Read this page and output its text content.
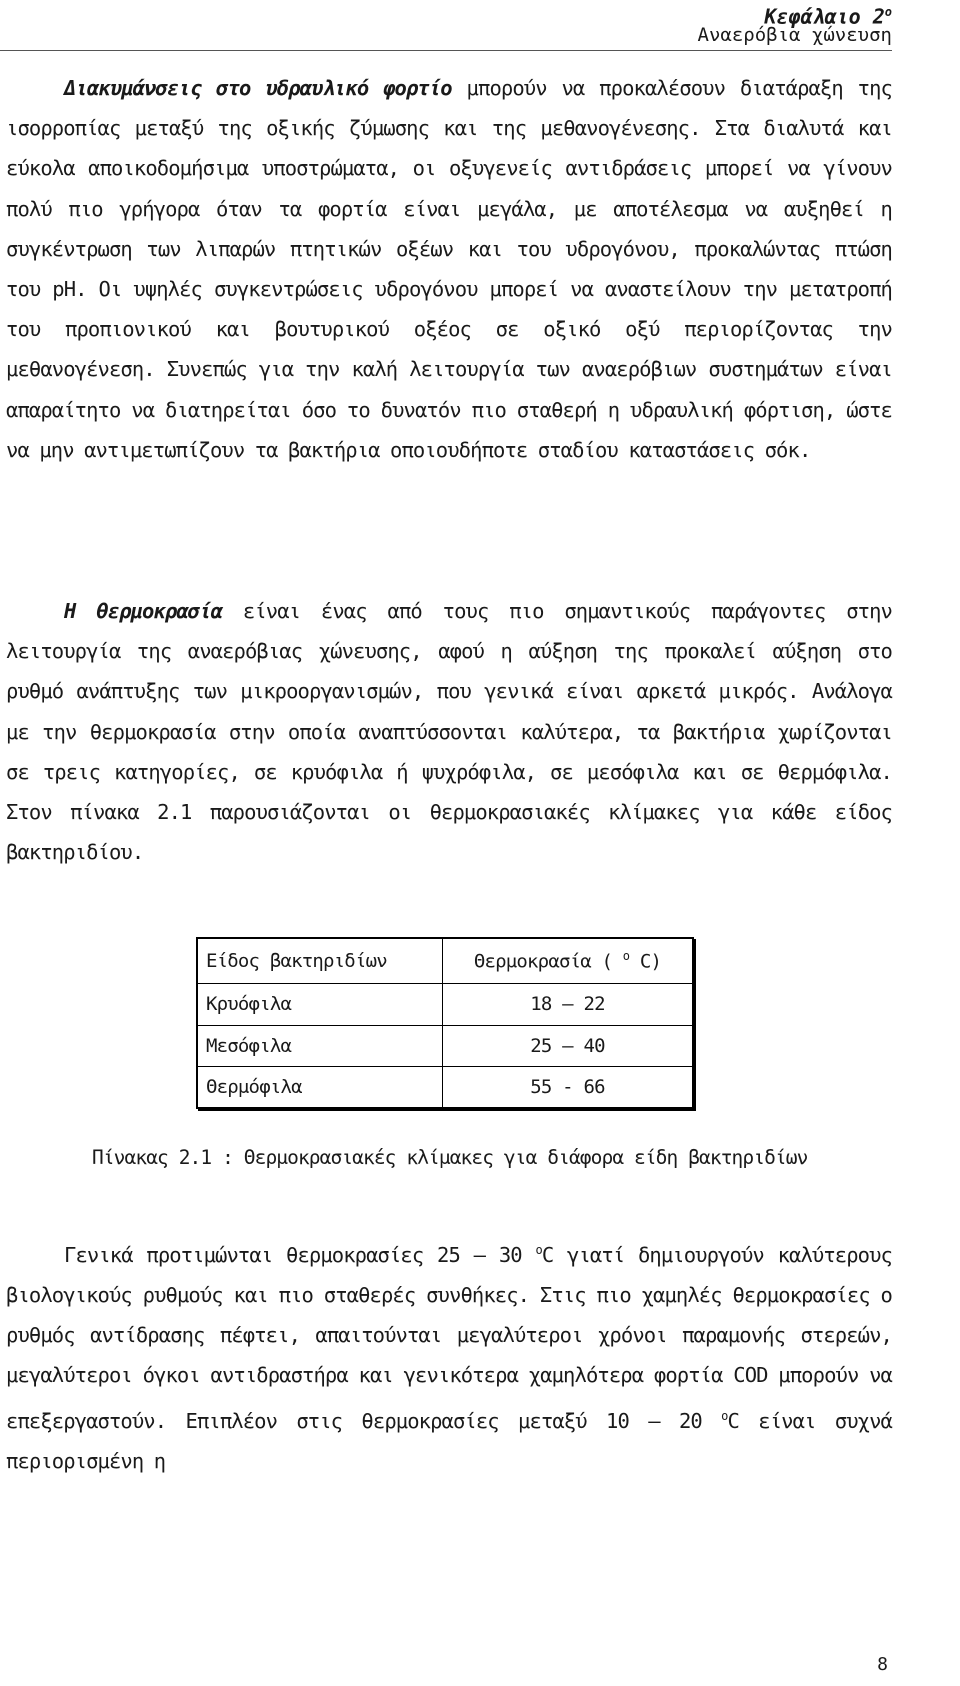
Κεφάλαιο $2^o$
Αναερόβια χώνευση

Διακυμάνσεις στο υδραυλικό φορτίο μπορούν να προκαλέσουν διατάραξη της ισορροπίας μεταξύ της οξικής ζύμωσης και της μεθανογένεσης. Στα διαλυτά και εύκολα αποικοδομήσιμα υποστρώματα, οι οξυγενείς αντιδράσεις μπορεί να γίνουν πολύ πιο γρήγορα όταν τα φορτία είναι μεγάλα, με αποτέλεσμα να αυξηθεί η συγκέντρωση των λιπαρών πτητικών οξέων και του υδρογόνου, προκαλώντας πτώση του pH. Οι υψηλές συγκεντρώσεις υδρογόνου μπορεί να αναστείλουν την μετατροπή του προπιονικού και βουτυρικού οξέος σε οξικό οξύ περιορίζοντας την μεθανογένεση. Συνεπώς για την καλή λειτουργία των αναερόβιων συστημάτων είναι απαραίτητο να διατηρείται όσο το δυνατόν πιο σταθερή η υδραυλική φόρτιση, ώστε να μην αντιμετωπίζουν τα βακτήρια οποιουδήποτε σταδίου καταστάσεις σόκ.

Η θερμοκρασία είναι ένας από τους πιο σημαντικούς παράγοντες στην λειτουργία της αναερόβιας χώνευσης, αφού η αύξηση της προκαλεί αύξηση στο ρυθμό ανάπτυξης των μικροοργανισμών, που γενικά είναι αρκετά μικρός. Ανάλογα με την θερμοκρασία στην οποία αναπτύσσονται καλύτερα, τα βακτήρια χωρίζονται σε τρεις κατηγορίες, σε κρυόφιλα ή ψυχρόφιλα, σε μεσόφιλα και σε θερμόφιλα. Στον πίνακα 2.1 παρουσιάζονται οι θερμοκρασιακές κλίμακες για κάθε είδος βακτηριδίου.

Είδος βακτηριδίων	Θερμοκρασία ( $^o$ C)
Κρυόφιλα	18 – 22
Μεσόφιλα	25 – 40
Θερμόφιλα	55 - 66
Πίνακας 2.1 : Θερμοκρασιακές κλίμακες για διάφορα είδη βακτηριδίων

Γενικά προτιμώνται θερμοκρασίες 25 – 30 $^o$C γιατί δημιουργούν καλύτερους βιολογικούς ρυθμούς και πιο σταθερές συνθήκες. Στις πιο χαμηλές θερμοκρασίες ο ρυθμός αντίδρασης πέφτει, απαιτούνται μεγαλύτεροι χρόνοι παραμονής στερεών, μεγαλύτεροι όγκοι αντιδραστήρα και γενικότερα χαμηλότερα φορτία COD μπορούν να επεξεργαστούν. Επιπλέον στις θερμοκρασίες μεταξύ 10 – 20 $^o$C είναι συχνά περιορισμένη η

8
